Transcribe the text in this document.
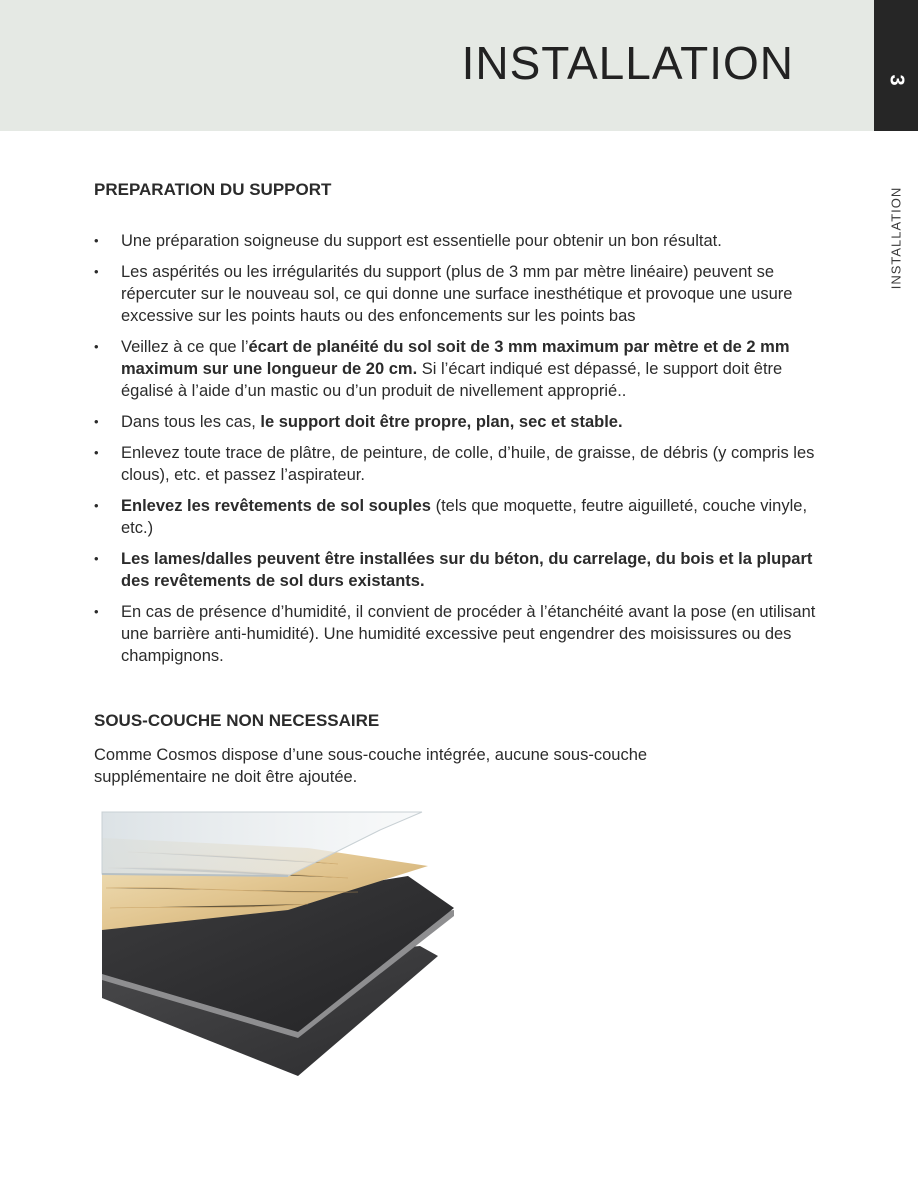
INSTALLATION	3
INSTALLATION
PREPARATION DU SUPPORT
• Une préparation soigneuse du support est essentielle pour obtenir un bon résultat.
• Les aspérités ou les irrégularités du support (plus de 3 mm par mètre linéaire) peuvent se répercuter sur le nouveau sol, ce qui donne une surface inesthétique et provoque une usure excessive sur les points hauts ou des enfoncements sur les points bas
• Veillez à ce que l’écart de planéité du sol soit de 3 mm maximum par mètre et de 2 mm maximum sur une longueur de 20 cm. Si l’écart indiqué est dépassé, le support doit être égalisé à l’aide d’un mastic ou d’un produit de nivellement approprié..
• Dans tous les cas, le support doit être propre, plan, sec et stable.
• Enlevez toute trace de plâtre, de peinture, de colle, d’huile, de graisse, de débris (y compris les clous), etc. et passez l’aspirateur.
• Enlevez les revêtements de sol souples (tels que moquette, feutre aiguilleté, couche vinyle, etc.)
• Les lames/dalles peuvent être installées sur du béton, du carrelage, du bois et la plupart des revêtements de sol durs existants.
• En cas de présence d’humidité, il convient de procéder à l’étanchéité avant la pose (en utilisant une barrière anti-humidité). Une humidité excessive peut engendrer des moisissures ou des champignons.
SOUS-COUCHE NON NECESSAIRE

Comme Cosmos dispose d’une sous-couche intégrée, aucune sous-couche supplémentaire ne doit être ajoutée.
